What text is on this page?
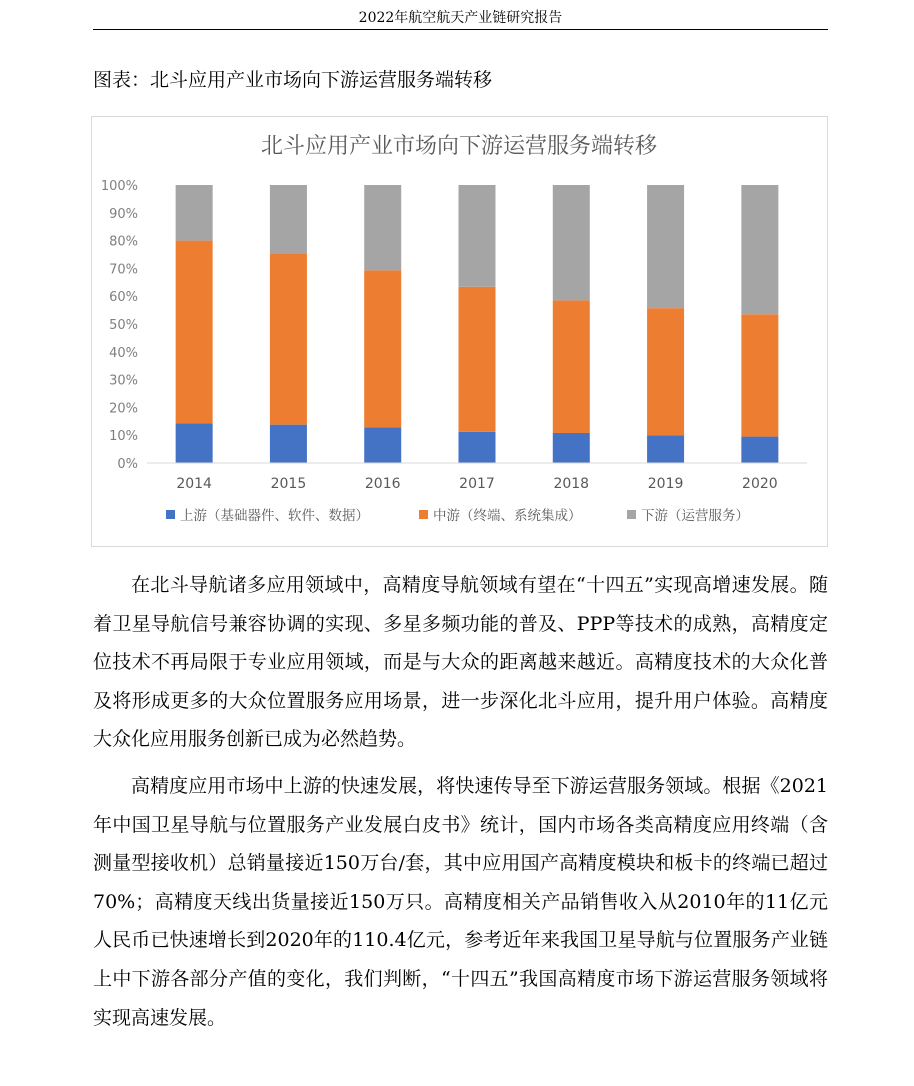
2022年航空航天产业链研究报告
图表：北斗应用产业市场向下游运营服务端转移
北斗应用产业市场向下游运营服务端转移
0%
10%
20%
30%
40%
50%
60%
70%
80%
90%
100%
2014	2015	2016	2017	2018	2019	2020
上游（基础器件、软件、数据）	中游（终端、系统集成）	下游（运营服务）

在北斗导航诸多应用领域中，高精度导航领域有望在“十四五”实现高增速发展。随着卫星导航信号兼容协调的实现、多星多频功能的普及、PPP等技术的成熟，高精度定位技术不再局限于专业应用领域，而是与大众的距离越来越近。高精度技术的大众化普及将形成更多的大众位置服务应用场景，进一步深化北斗应用，提升用户体验。高精度大众化应用服务创新已成为必然趋势。

高精度应用市场中上游的快速发展，将快速传导至下游运营服务领域。根据《2021年中国卫星导航与位置服务产业发展白皮书》统计，国内市场各类高精度应用终端（含测量型接收机）总销量接近150万台/套，其中应用国产高精度模块和板卡的终端已超过70%；高精度天线出货量接近150万只。高精度相关产品销售收入从2010年的11亿元人民币已快速增长到2020年的110.4亿元，参考近年来我国卫星导航与位置服务产业链上中下游各部分产值的变化，我们判断，“十四五”我国高精度市场下游运营服务领域将实现高速发展。
